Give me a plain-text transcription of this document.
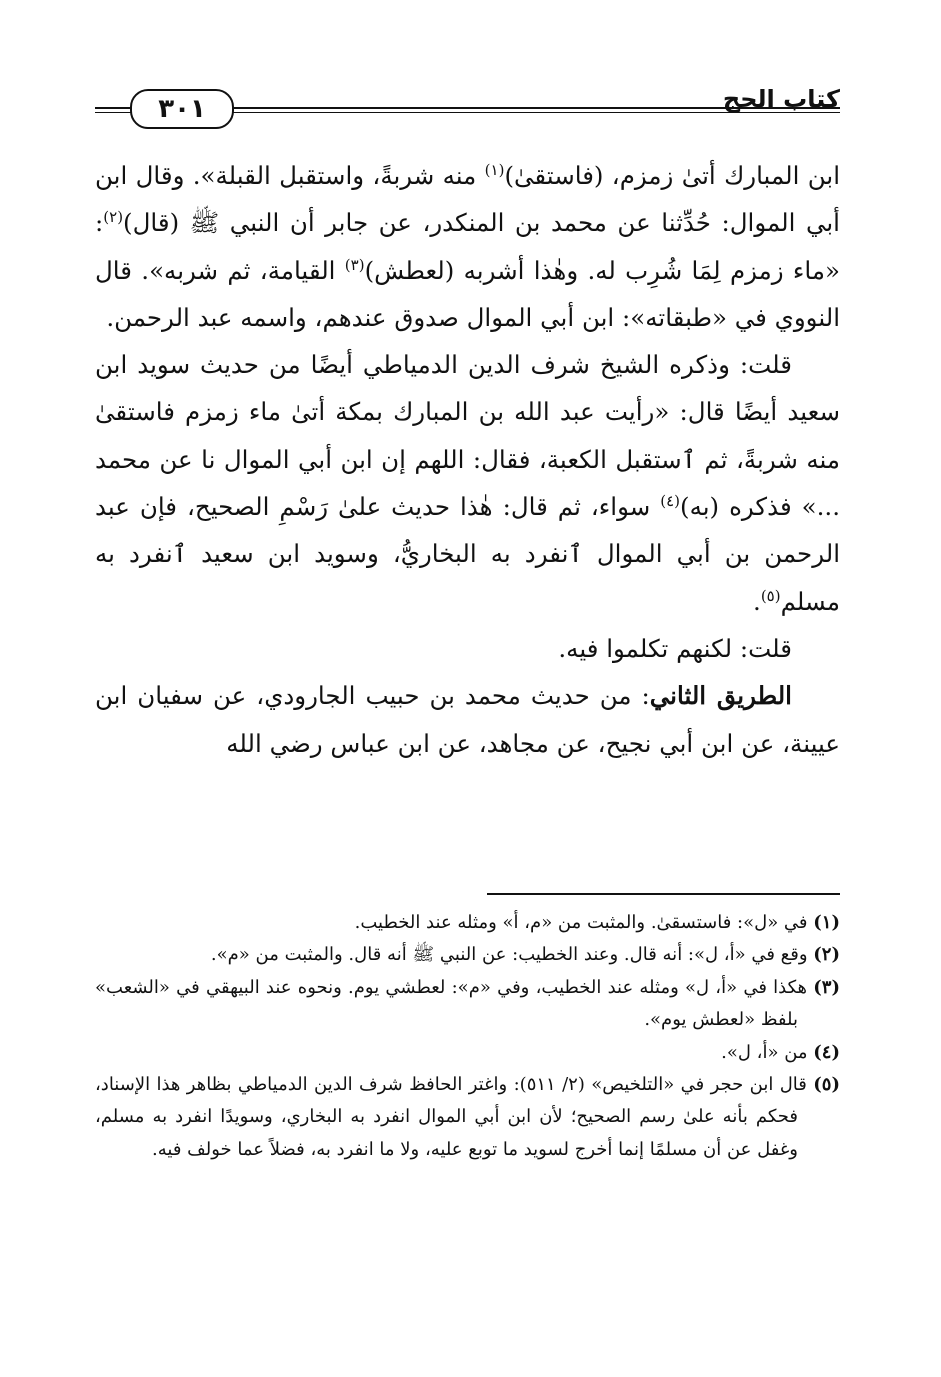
٣٠١	كتاب الحج

ابن المبارك أتىٰ زمزم، (فاستقىٰ)$^{(١)}$ منه شربةً، واستقبل القبلة». وقال ابن أبي الموال: حُدِّثنا عن محمد بن المنكدر، عن جابر أن النبي ﷺ (قال)$^{(٢)}$: «ماء زمزم لِمَا شُرِب له. وهٰذا أشربه (لعطش)$^{(٣)}$ القيامة، ثم شربه». قال النووي في «طبقاته»: ابن أبي الموال صدوق عندهم، واسمه عبد الرحمن.

قلت: وذكره الشيخ شرف الدين الدمياطي أيضًا من حديث سويد ابن سعيد أيضًا قال: «رأيت عبد الله بن المبارك بمكة أتىٰ ماء زمزم فاستقىٰ منه شربةً، ثم ٱستقبل الكعبة، فقال: اللهم إن ابن أبي الموال نا عن محمد ...» فذكره (به)$^{(٤)}$ سواء، ثم قال: هٰذا حديث علىٰ رَسْمِ الصحيح، فإن عبد الرحمن بن أبي الموال ٱنفرد به البخاريُّ، وسويد ابن سعيد ٱنفرد به مسلم$^{(٥)}$.

قلت: لكنهم تكلموا فيه.

الطريق الثاني: من حديث محمد بن حبيب الجارودي، عن سفيان ابن عيينة، عن ابن أبي نجيح، عن مجاهد، عن ابن عباس رضي الله

(١) في «ل»: فاستسقىٰ. والمثبت من «م، أ» ومثله عند الخطيب.

(٢) وقع في «أ، ل»: أنه قال. وعند الخطيب: عن النبي ﷺ أنه قال. والمثبت من «م».

(٣) هكذا في «أ، ل» ومثله عند الخطيب، وفي «م»: لعطشي يوم. ونحوه عند البيهقي في «الشعب» بلفظ «لعطش يوم».

(٤) من «أ، ل».

(٥) قال ابن حجر في «التلخيص» (٢/ ٥١١): واغتر الحافظ شرف الدين الدمياطي بظاهر هذا الإسناد، فحكم بأنه علىٰ رسم الصحيح؛ لأن ابن أبي الموال انفرد به البخاري، وسويدًا انفرد به مسلم، وغفل عن أن مسلمًا إنما أخرج لسويد ما توبع عليه، ولا ما انفرد به، فضلاً عما خولف فيه.
